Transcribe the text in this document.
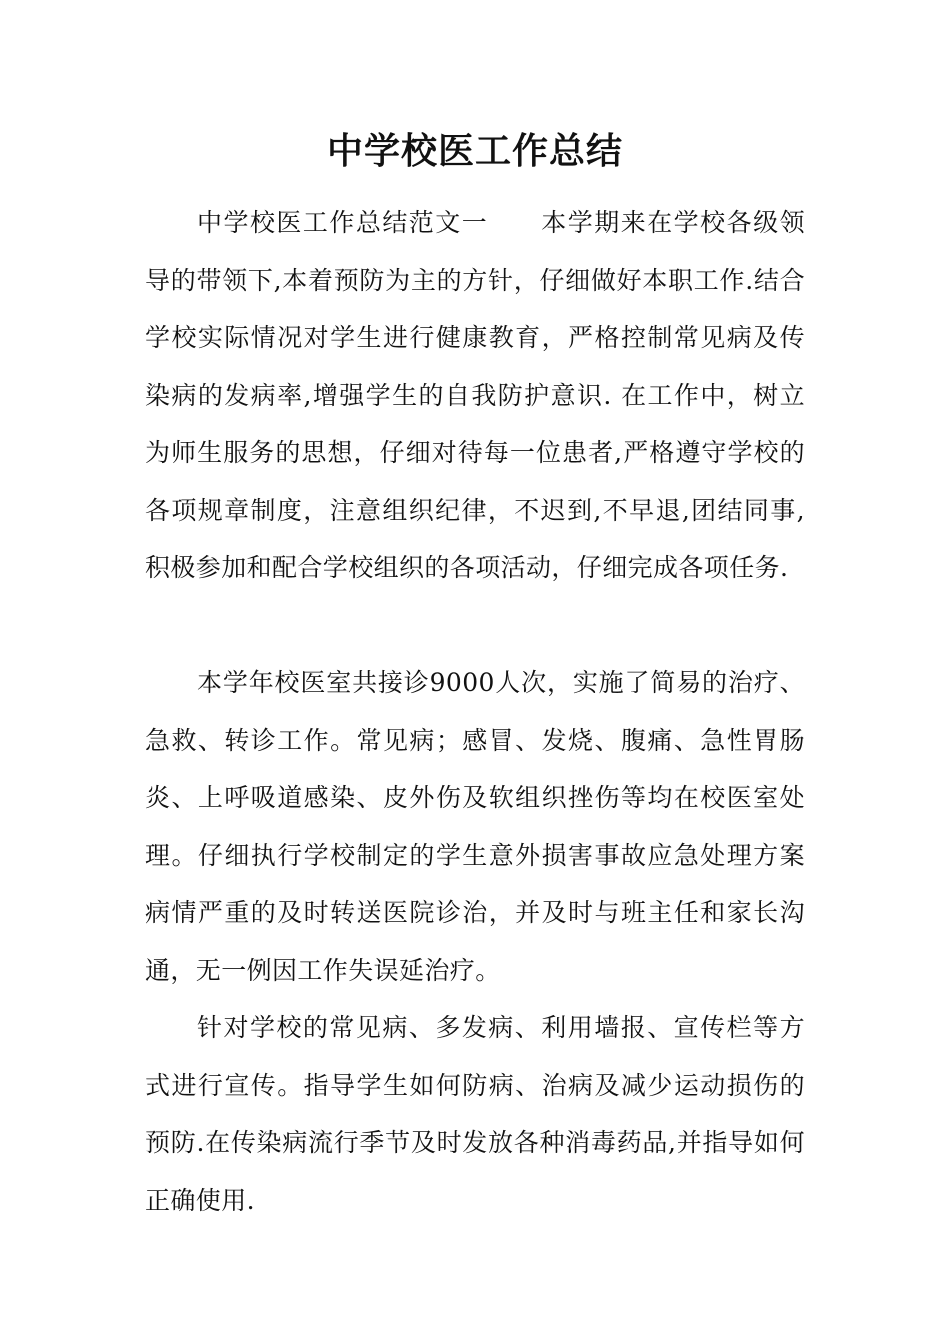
中学校医工作总结

中学校医工作总结范文一 本学期来在学校各级领导的带领下,本着预防为主的方针，仔细做好本职工作.结合学校实际情况对学生进行健康教育，严格控制常见病及传染病的发病率,增强学生的自我防护意识. 在工作中，树立为师生服务的思想，仔细对待每一位患者,严格遵守学校的各项规章制度，注意组织纪律，不迟到,不早退,团结同事,积极参加和配合学校组织的各项活动，仔细完成各项任务.

本学年校医室共接诊9000人次，实施了简易的治疗、急救、转诊工作。常见病；感冒、发烧、腹痛、急性胃肠炎、上呼吸道感染、皮外伤及软组织挫伤等均在校医室处理。仔细执行学校制定的学生意外损害事故应急处理方案病情严重的及时转送医院诊治，并及时与班主任和家长沟通，无一例因工作失误延治疗。

针对学校的常见病、多发病、利用墙报、宣传栏等方式进行宣传。指导学生如何防病、治病及减少运动损伤的预防.在传染病流行季节及时发放各种消毒药品,并指导如何正确使用.
